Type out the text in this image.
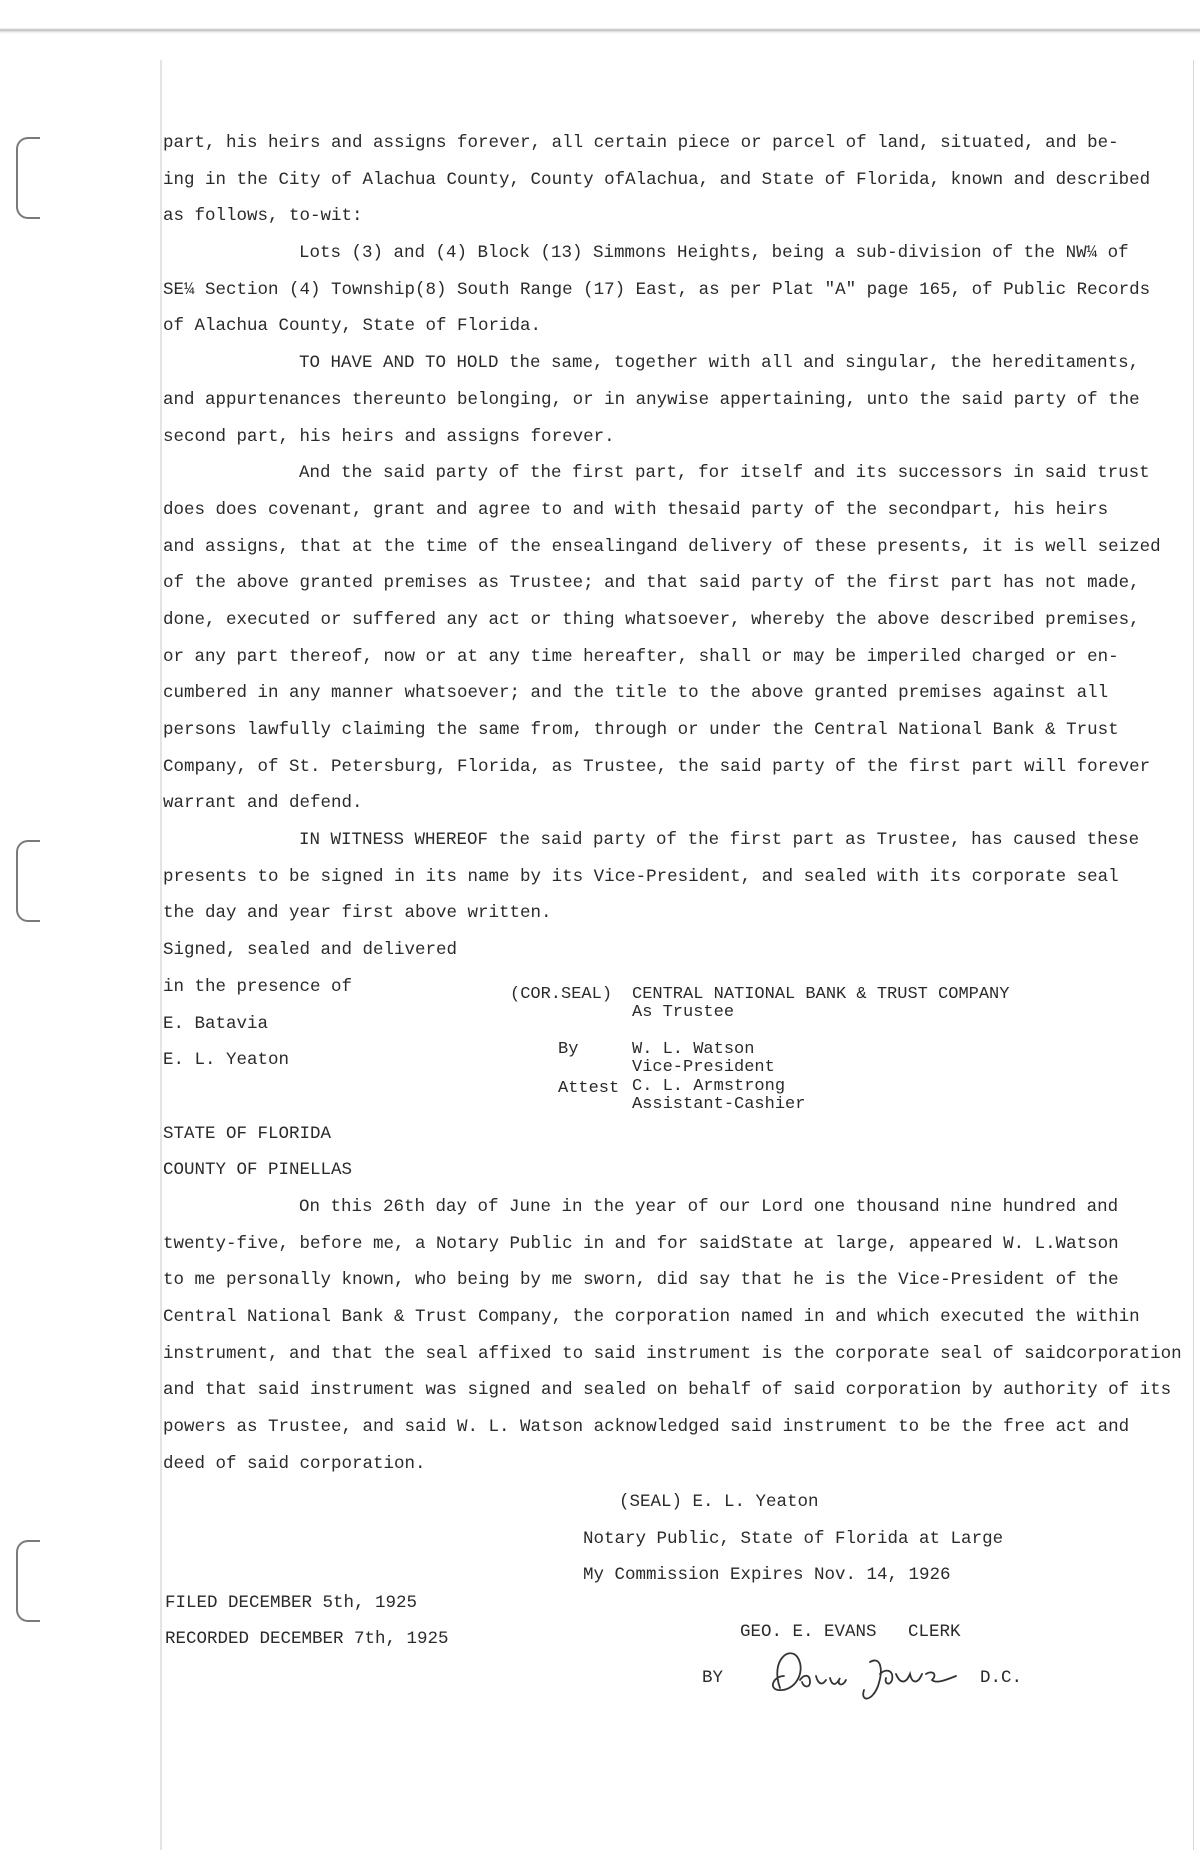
part, his heirs and assigns forever, all certain piece or parcel of land, situated, and be-
ing in the City of Alachua County, County ofAlachua, and State of Florida, known and described
as follows, to-wit:
Lots (3) and (4) Block (13) Simmons Heights, being a sub-division of the NW¼ of
SE¼ Section (4) Township(8) South Range (17) East, as per Plat "A" page 165, of Public Records
of Alachua County, State of Florida.
TO HAVE AND TO HOLD the same, together with all and singular, the hereditaments,
and appurtenances thereunto belonging, or in anywise appertaining, unto the said party of the
second part, his heirs and assigns forever.
And the said party of the first part, for itself and its successors in said trust
does does covenant, grant and agree to and with thesaid party of the secondpart, his heirs
and assigns, that at the time of the ensealingand delivery of these presents, it is well seized
of the above granted premises as Trustee; and that said party of the first part has not made,
done, executed or suffered any act or thing whatsoever, whereby the above described premises,
or any part thereof, now or at any time hereafter, shall or may be imperiled charged or en-
cumbered in any manner whatsoever; and the title to the above granted premises against all
persons lawfully claiming the same from, through or under the Central National Bank & Trust
Company, of St. Petersburg, Florida, as Trustee, the said party of the first part will forever
warrant and defend.
IN WITNESS WHEREOF the said party of the first part as Trustee, has caused these
presents to be signed in its name by its Vice-President, and sealed with its corporate seal
the day and year first above written.
Signed, sealed and delivered
in the presence of
E. Batavia
E. L. Yeaton
STATE OF FLORIDA
COUNTY OF PINELLAS
On this 26th day of June in the year of our Lord one thousand nine hundred and
twenty-five, before me, a Notary Public in and for saidState at large, appeared W. L.Watson
to me personally known, who being by me sworn, did say that he is the Vice-President of the
Central National Bank & Trust Company, the corporation named in and which executed the within
instrument, and that the seal affixed to said instrument is the corporate seal of saidcorporation
and that said instrument was signed and sealed on behalf of said corporation by authority of its
powers as Trustee, and said W. L. Watson acknowledged said instrument to be the free act and
deed of said corporation.
(COR.SEAL) CENTRAL NATIONAL BANK & TRUST COMPANY
As Trustee
By	W. L. Watson
Vice-President
Attest C. L. Armstrong
Assistant-Cashier
(SEAL) E. L. Yeaton
Notary Public, State of Florida at Large
My Commission Expires Nov. 14, 1926
FILED DECEMBER 5th, 1925
RECORDED DECEMBER 7th, 1925	GEO. E. EVANS   CLERK
BY	D.C.
